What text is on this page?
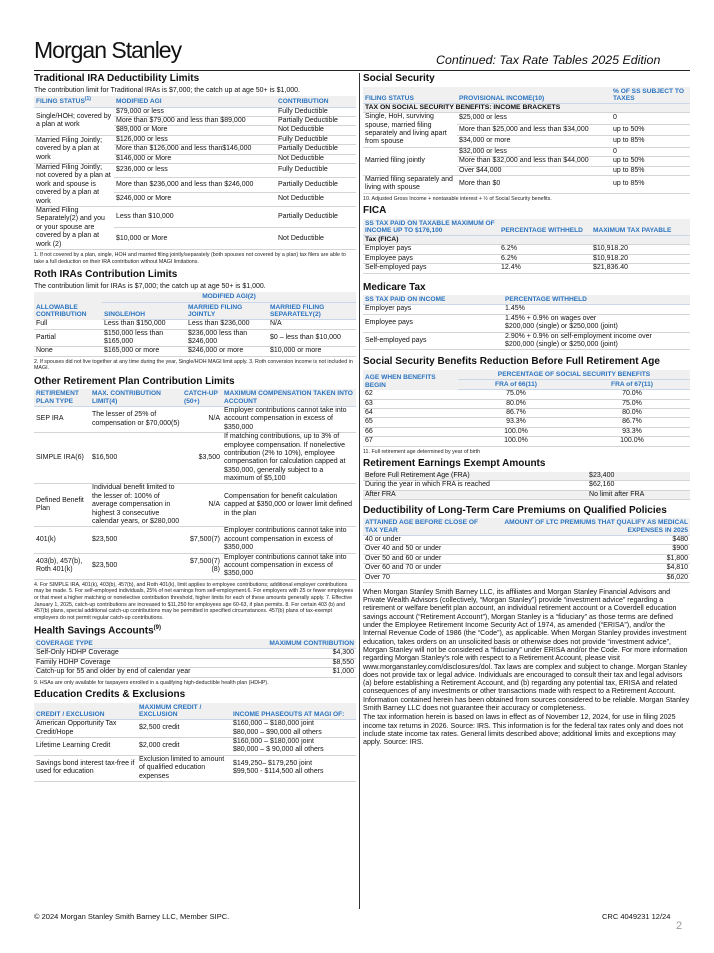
Morgan Stanley	Continued: Tax Rate Tables 2025 Edition
Traditional IRA Deductibility Limits
The contribution limit for Traditional IRAs is $7,000; the catch up at age 50+ is $1,000.
FILING STATUS$^{(1)}$	MODIFIED AGI	CONTRIBUTION
Single/HOH; covered by a plan at work	$79,000 or less	Fully Deductible
	More than $79,000 and less than $89,000	Partially Deductible
	$89,000 or More	Not Deductible
Married Filing Jointly; covered by a plan at work	$126,000 or less	Fully Deductible
	More than $126,000 and less than$146,000	Partially Deductible
	$146,000 or More	Not Deductible
Married Filing Jointly; not covered by a plan at work and spouse is covered by a plan at work	$236,000 or less	Fully Deductible
	More than $236,000 and less than $246,000	Partially Deductible
	$246,000 or More	Not Deductible
Married Filing Separately(2) and you or your spouse are covered by a plan at work (2)	Less than $10,000	Partially Deductible
	$10,000 or More	Not Deductible
1. If not covered by a plan, single, HOH and married filing jointly/separately (both spouses not covered by a plan) tax filers are able to take a full deduction on their IRA contribution without MAGI limitations.
Roth IRAs Contribution Limits
The contribution limit for IRAs is $7,000; the catch up at age 50+ is $1,000.
ALLOWABLE CONTRIBUTION	MODIFIED AGI(2)		
	SINGLE/HOH	MARRIED FILING JOINTLY	MARRIED FILING SEPARATELY(2)
Full	Less than $150,000	Less than $236,000	N/A
Partial	$150,000 less than $165,000	$236,000 less than $246,000	$0 – less than $10,000
None	$165,000 or more	$246,000 or more	$10,000 or more
2. If spouses did not live together at any time during the year, Single/HOH MAGI limit apply. 3. Roth conversion income is not included in MAGI.
Other Retirement Plan Contribution Limits
RETIREMENT PLAN TYPE	MAX. CONTRIBUTION LIMIT(4)	CATCH-UP (50+)	MAXIMUM COMPENSATION TAKEN INTO ACCOUNT
SEP IRA	The lesser of 25% of compensation or $70,000(5)	N/A	Employer contributions cannot take into account compensation in excess of $350,000
SIMPLE IRA(6)	$16,500	$3,500	If matching contributions, up to 3% of employee compensation. If nonelective contribution (2% to 10%), employee compensation for calculation capped at $350,000, generally subject to a maximum of $5,100
Defined Benefit Plan	Individual benefit limited to the lesser of: 100% of average compensation in highest 3 consecutive calendar years, or $280,000	N/A	Compensation for benefit calculation capped at $350,000 or lower limit defined in the plan
401(k)	$23,500	$7,500(7)	Employer contributions cannot take into account compensation in excess of $350,000
403(b), 457(b), Roth 401(k)	$23,500	$7,500(7)(8)	Employer contributions cannot take into account compensation in excess of $350,000
4. For SIMPLE IRA, 401(k), 403(b), 457(b), and Roth 401(k), limit applies to employee contributions; additional employer contributions may be made. 5. For self-employed individuals, 25% of net earnings from self-employment.6. For employers with 25 or fewer employees or that meet a higher matching or nonelective contribution threshold, higher limits for each of these amounts generally apply. 7. Effective January 1, 2025, catch-up contributions are increased to $11,250 for employees age 60-63, if plan permits. 8. For certain 403 (b) and 457(b) plans, special additional catch-up contributions may be permitted in specified circumstances. 457(b) plans of tax-exempt employers do not permit regular catch-up contributions.
Health Savings Accounts$^{(9)}$
COVERAGE TYPE	MAXIMUM CONTRIBUTION
Self-Only HDHP Coverage	$4,300
Family HDHP Coverage	$8,550
Catch-up for 55 and older by end of calendar year	$1,000
9. HSAs are only available for taxpayers enrolled in a qualifying high-deductible health plan (HDHP).
Education Credits & Exclusions
CREDIT / EXCLUSION	MAXIMUM CREDIT / EXCLUSION	INCOME PHASEOUTS AT MAGI OF:
American Opportunity Tax Credit/Hope	$2,500 credit	$160,000 – $180,000 joint
$80,000 – $90,000 all others
Lifetime Learning Credit	$2,000 credit	$160,000 – $180,000 joint
$80,000 – $ 90,000 all others
Savings bond interest tax-free if used for education	Exclusion limited to amount of qualified education expenses	$149,250– $179,250 joint
$99,500 - $114,500 all others
Social Security
FILING STATUS	PROVISIONAL INCOME(10)	% OF SS SUBJECT TO TAXES
TAX ON SOCIAL SECURITY BENEFITS: INCOME BRACKETS		
Single, HoH, surviving spouse, married filing separately and living apart from spouse	$25,000 or less	0
	More than $25,000 and less than $34,000	up to 50%
	$34,000 or more	up to 85%
Married filing jointly	$32,000 or less	0
	More than $32,000 and less than $44,000	up to 50%
	Over $44,000	up to 85%
Married filing separately and living with spouse	More than $0	up to 85%
10. Adjusted Gross Income + nontaxable interest + ½ of Social Security benefits.
FICA
SS TAX PAID ON TAXABLE MAXIMUM OF INCOME UP TO $176,100	PERCENTAGE WITHHELD	MAXIMUM TAX PAYABLE
Tax (FICA)		
Employer pays	6.2%	$10,918.20
Employee pays	6.2%	$10,918.20
Self-employed pays	12.4%	$21,836.40
Medicare Tax
SS TAX PAID ON INCOME	PERCENTAGE WITHHELD
Employer pays	1.45%
Employee pays	1.45% + 0.9% on wages over
$200,000 (single) or $250,000 (joint)
Self-employed pays	2.90% + 0.9% on self-employment income over
$200,000 (single) or $250,000 (joint)
Social Security Benefits Reduction Before Full Retirement Age
AGE WHEN BENEFITS BEGIN	PERCENTAGE OF SOCIAL SECURITY BENEFITS	
	FRA of 66(11)	FRA of 67(11)
62	75.0%	70.0%
63	80.0%	75.0%
64	86.7%	80.0%
65	93.3%	86.7%
66	100.0%	93.3%
67	100.0%	100.0%
11. Full retirement age determined by year of birth
Retirement Earnings Exempt Amounts
Before Full Retirement Age (FRA)	$23,400
During the year in which FRA is reached	$62,160
After FRA	No limit after FRA
Deductibility of Long-Term Care Premiums on Qualified Policies
ATTAINED AGE BEFORE CLOSE OF TAX YEAR	AMOUNT OF LTC PREMIUMS THAT QUALIFY AS MEDICAL EXPENSES IN 2025
40 or under	$480
Over 40 and 50 or under	$900
Over 50 and 60 or under	$1,800
Over 60 and 70 or under	$4,810
Over 70	$6,020

When Morgan Stanley Smith Barney LLC, its affiliates and Morgan Stanley Financial Advisors and Private Wealth Advisors (collectively, “Morgan Stanley”) provide “investment advice” regarding a retirement or welfare benefit plan account, an individual retirement account or a Coverdell education savings account (“Retirement Account”), Morgan Stanley is a “fiduciary” as those terms are defined under the Employee Retirement Income Security Act of 1974, as amended (“ERISA”), and/or the Internal Revenue Code of 1986 (the “Code”), as applicable. When Morgan Stanley provides investment education, takes orders on an unsolicited basis or otherwise does not provide “investment advice”, Morgan Stanley will not be considered a “fiduciary” under ERISA and/or the Code. For more information regarding Morgan Stanley’s role with respect to a Retirement Account, please visit www.morganstanley.com/disclosures/dol. Tax laws are complex and subject to change. Morgan Stanley does not provide tax or legal advice. Individuals are encouraged to consult their tax and legal advisors (a) before establishing a Retirement Account, and (b) regarding any potential tax, ERISA and related consequences of any investments or other transactions made with respect to a Retirement Account. Information contained herein has been obtained from sources considered to be reliable. Morgan Stanley Smith Barney LLC does not guarantee their accuracy or completeness.

The tax information herein is based on laws in effect as of November 12, 2024, for use in filing 2025 income tax returns in 2026. Source: IRS. This information is for the federal tax rates only and does not include state income tax rates. General limits described above; additional limits and exceptions may apply. Source: IRS.

© 2024 Morgan Stanley Smith Barney LLC, Member SIPC.	CRC 4049231 12/24
2
